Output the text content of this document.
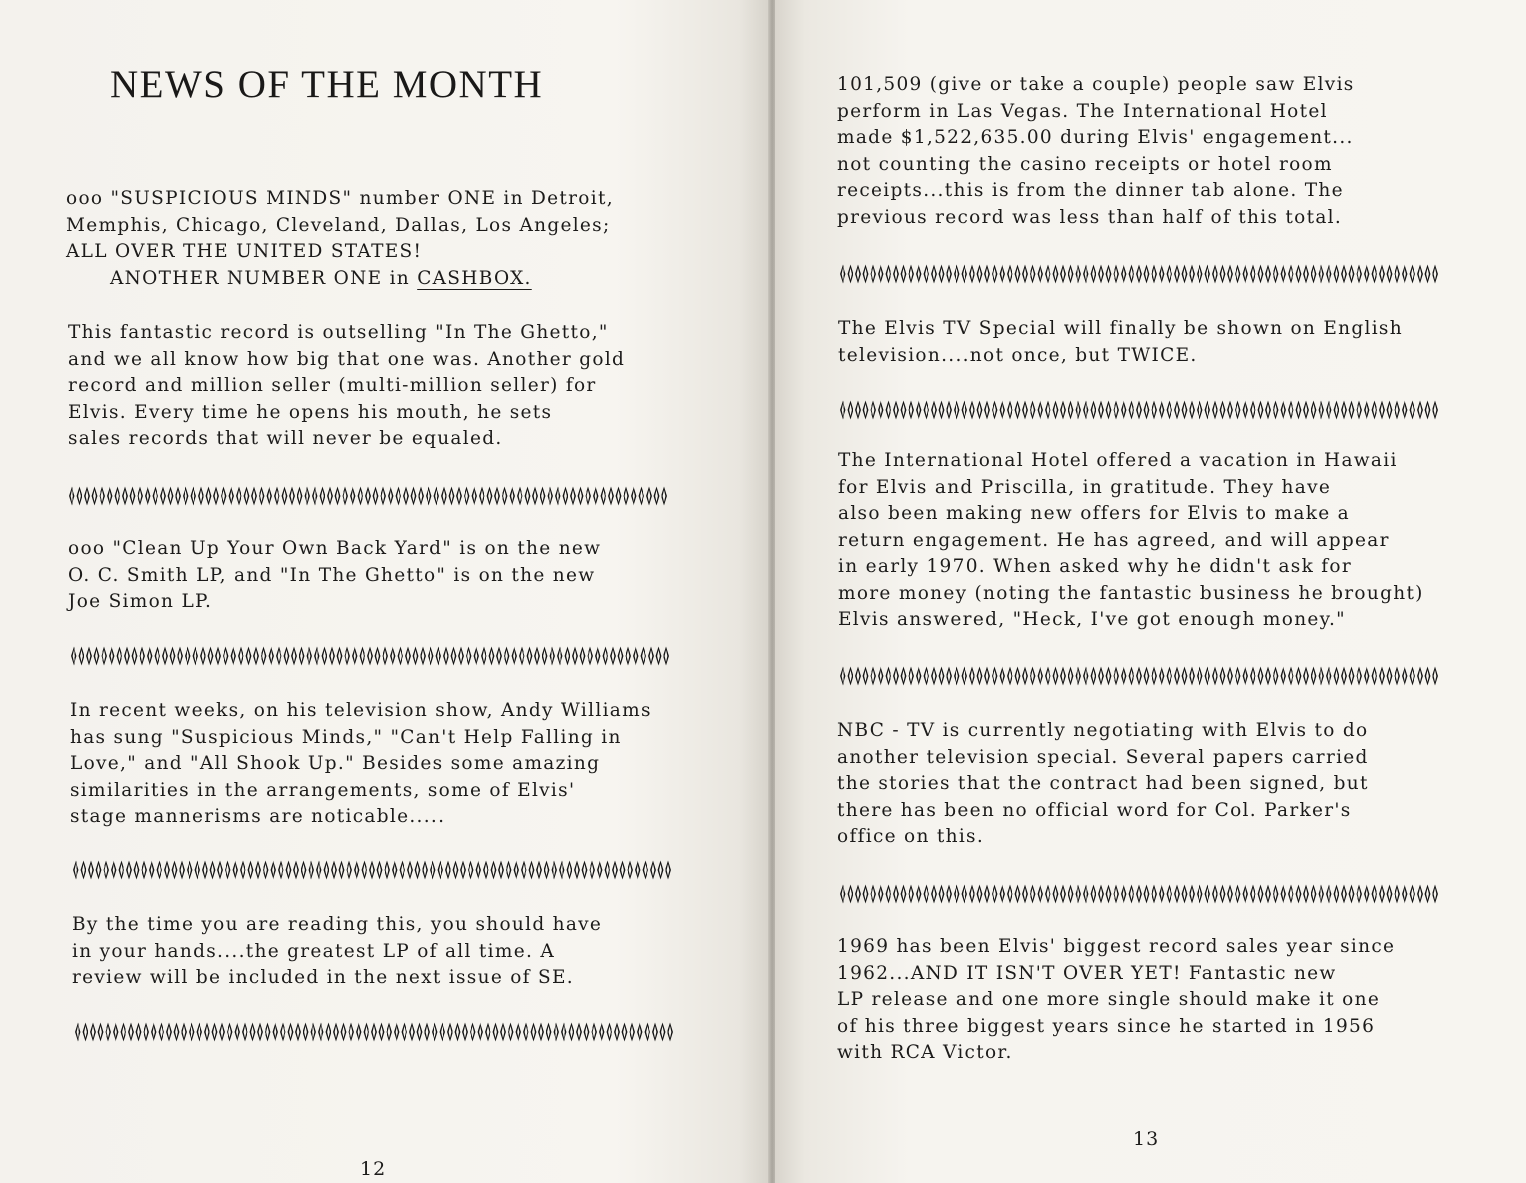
NEWS OF THE MONTH
ooo "SUSPICIOUS MINDS" number ONE in Detroit,
Memphis, Chicago, Cleveland, Dallas, Los Angeles;
ALL OVER THE UNITED STATES!
ANOTHER NUMBER ONE in CASHBOX.
This fantastic record is outselling "In The Ghetto,"
and we all know how big that one was. Another gold
record and million seller (multi-million seller) for
Elvis. Every time he opens his mouth, he sets
sales records that will never be equaled.
ooo "Clean Up Your Own Back Yard" is on the new
O. C. Smith LP, and "In The Ghetto" is on the new
Joe Simon LP.
In recent weeks, on his television show, Andy Williams
has sung "Suspicious Minds," "Can't Help Falling in
Love," and "All Shook Up." Besides some amazing
similarities in the arrangements, some of Elvis'
stage mannerisms are noticable.....
By the time you are reading this, you should have
in your hands....the greatest LP of all time. A
review will be included in the next issue of SE.
12
101,509 (give or take a couple) people saw Elvis
perform in Las Vegas. The International Hotel
made $1,522,635.00 during Elvis' engagement...
not counting the casino receipts or hotel room
receipts...this is from the dinner tab alone. The
previous record was less than half of this total.
The Elvis TV Special will finally be shown on English
television....not once, but TWICE.
The International Hotel offered a vacation in Hawaii
for Elvis and Priscilla, in gratitude. They have
also been making new offers for Elvis to make a
return engagement. He has agreed, and will appear
in early 1970. When asked why he didn't ask for
more money (noting the fantastic business he brought)
Elvis answered, "Heck, I've got enough money."
NBC - TV is currently negotiating with Elvis to do
another television special. Several papers carried
the stories that the contract had been signed, but
there has been no official word for Col. Parker's
office on this.
1969 has been Elvis' biggest record sales year since
1962...AND IT ISN'T OVER YET! Fantastic new
LP release and one more single should make it one
of his three biggest years since he started in 1956
with RCA Victor.
13
